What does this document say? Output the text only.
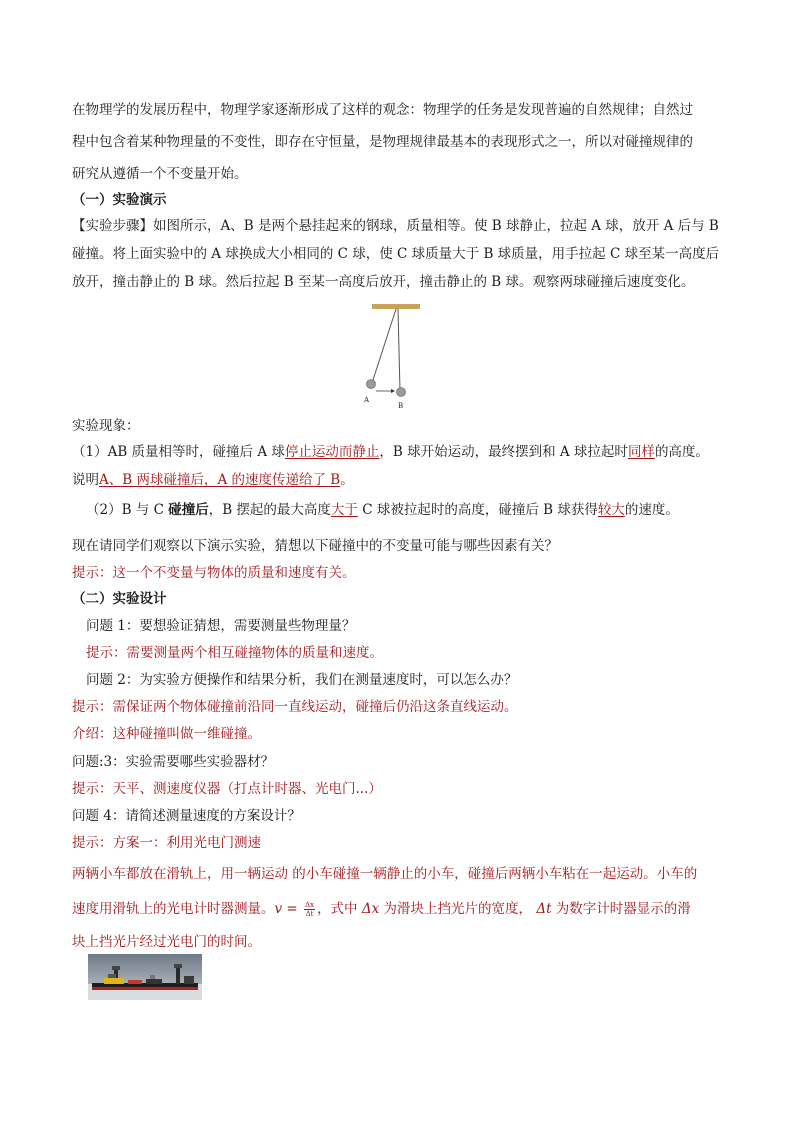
在物理学的发展历程中，物理学家逐渐形成了这样的观念：物理学的任务是发现普遍的自然规律；自然过
程中包含着某种物理量的不变性，即存在守恒量，是物理规律最基本的表现形式之一，所以对碰撞规律的
研究从遵循一个不变量开始。
（一）实验演示
【实验步骤】如图所示，A、B 是两个悬挂起来的钢球，质量相等。使 B 球静止，拉起 A 球，放开 A 后与 B
碰撞。将上面实验中的 A 球换成大小相同的 C 球，使 C 球质量大于 B 球质量，用手拉起 C 球至某一高度后
放开，撞击静止的 B 球。然后拉起 B 至某一高度后放开，撞击静止的 B 球。观察两球碰撞后速度变化。
A
B
实验现象：
（1）AB 质量相等时，碰撞后 A 球停止运动而静止，B 球开始运动，最终摆到和 A 球拉起时同样的高度。
说明A、B 两球碰撞后，A 的速度传递给了 B。
（2）B 与 C 碰撞后，B 摆起的最大高度大于 C 球被拉起时的高度，碰撞后 B 球获得较大的速度。
现在请同学们观察以下演示实验，猜想以下碰撞中的不变量可能与哪些因素有关？
提示：这一个不变量与物体的质量和速度有关。
（二）实验设计
问题 1：要想验证猜想，需要测量些物理量？
提示：需要测量两个相互碰撞物体的质量和速度。
问题 2：为实验方便操作和结果分析，我们在测量速度时，可以怎么办？
提示：需保证两个物体碰撞前沿同一直线运动，碰撞后仍沿这条直线运动。
介绍：这种碰撞叫做一维碰撞。
问题:3：实验需要哪些实验器材？
提示：天平、测速度仪器（打点计时器、光电门...）
问题 4：请简述测量速度的方案设计？
提示：方案一：利用光电门测速
两辆小车都放在滑轨上，用一辆运动 的小车碰撞一辆静止的小车，碰撞后两辆小车粘在一起运动。小车的
速度用滑轨上的光电计时器测量。$v = \frac{\Delta x}{\Delta t}$ ，式中 Δx 为滑块上挡光片的宽度， Δt 为数字计时器显示的滑
块上挡光片经过光电门的时间。
